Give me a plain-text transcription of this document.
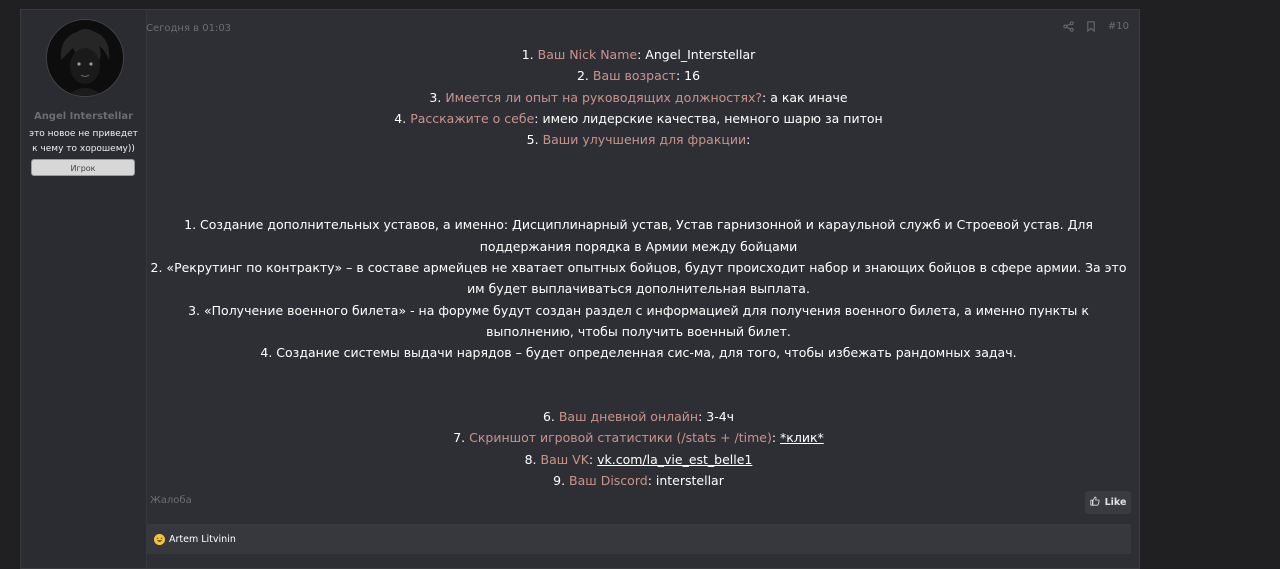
Angel Interstellar
это новое не приведет к чему то хорошему))
Игрок
Сегодня в 01:03	#10
1. Ваш Nick Name: Angel_Interstellar
2. Ваш возраст: 16
3. Имеется ли опыт на руководящих должностях?: а как иначе
4. Расскажите о себе: имею лидерские качества, немного шарю за питон
5. Ваши улучшения для фракции:
1. Создание дополнительных уставов, а именно: Дисциплинарный устав, Устав гарнизонной и караульной служб и Строевой устав. Для поддержания порядка в Армии между бойцами
2. «Рекрутинг по контракту» – в составе армейцев не хватает опытных бойцов, будут происходит набор и знающих бойцов в сфере армии. За это им будет выплачиваться дополнительная выплата.
3. «Получение военного билета» - на форуме будут создан раздел с информацией для получения военного билета, а именно пункты к выполнению, чтобы получить военный билет.
4. Создание системы выдачи нарядов – будет определенная сис-ма, для того, чтобы избежать рандомных задач.
6. Ваш дневной онлайн: 3-4ч
7. Скриншот игровой статистики (/stats + /time): *клик*
8. Ваш VK: vk.com/la_vie_est_belle1
9. Ваш Discord: interstellar
Жалоба	Like
Artem Litvinin
